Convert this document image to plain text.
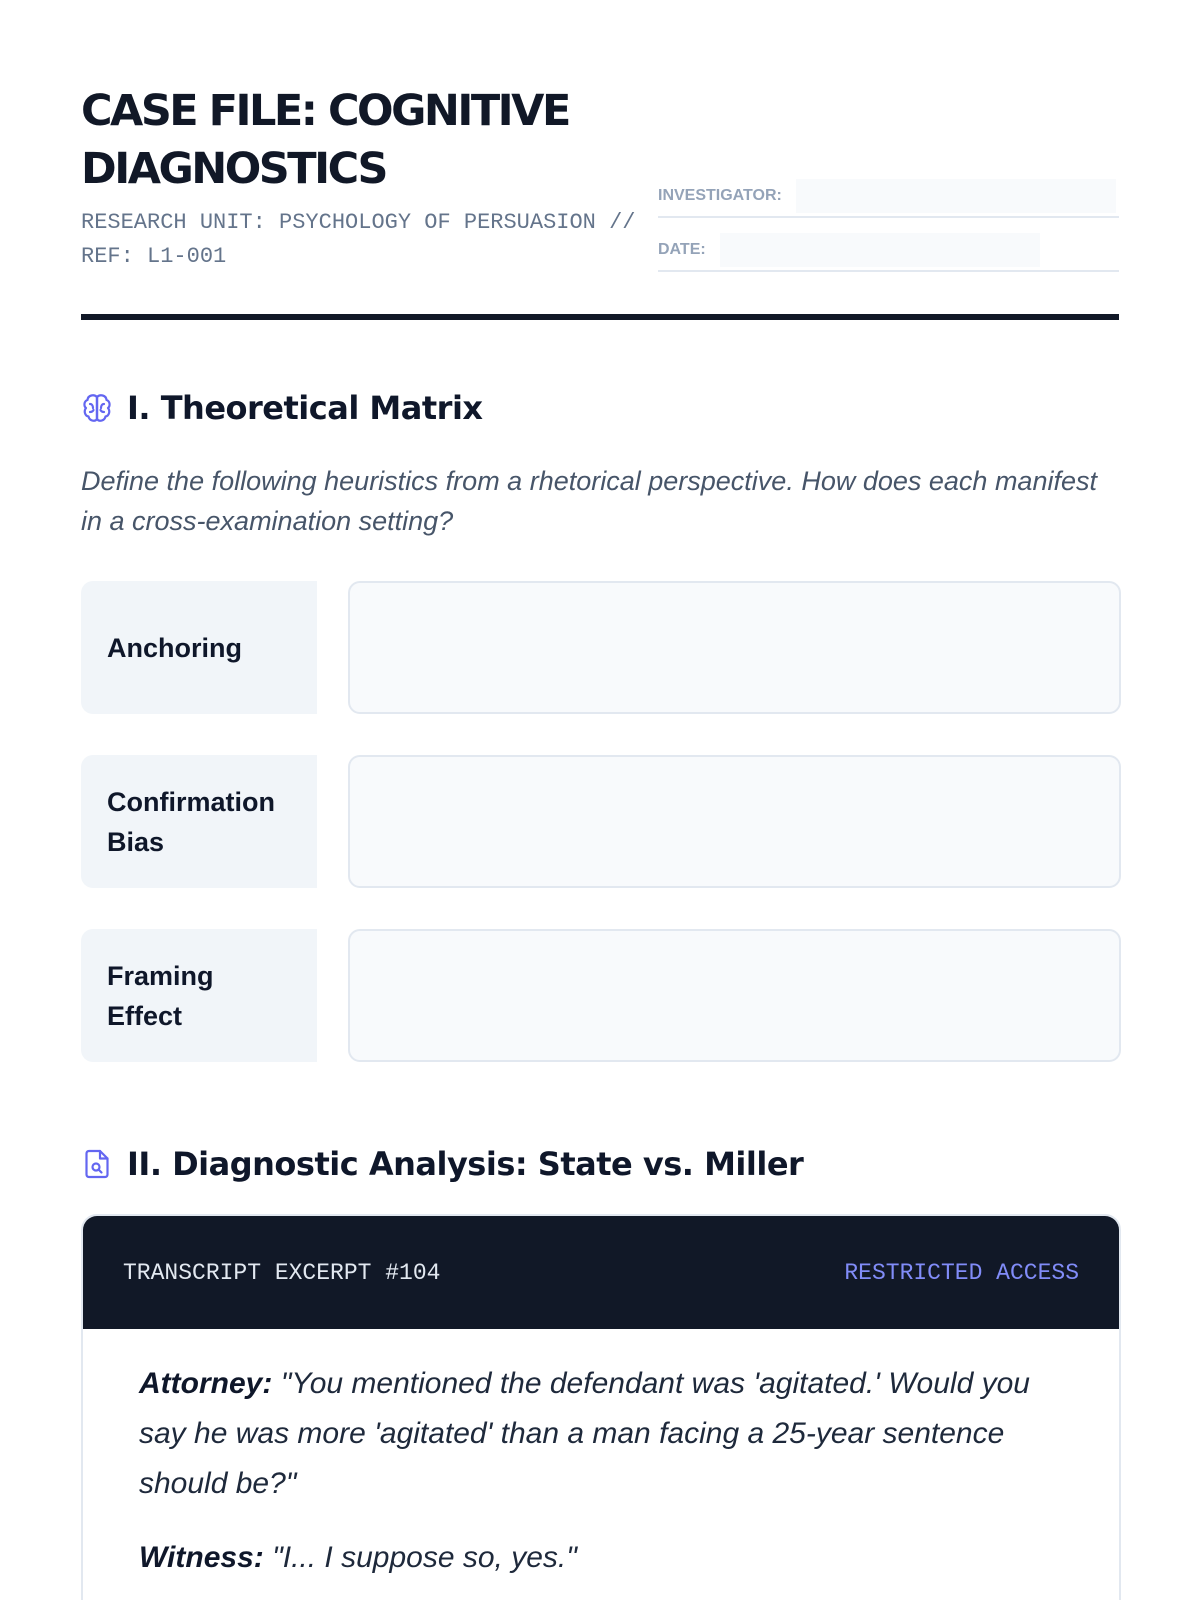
CASE FILE: COGNITIVE DIAGNOSTICS
RESEARCH UNIT: PSYCHOLOGY OF PERSUASION // REF: L1-001
INVESTIGATOR:
DATE:
I. Theoretical Matrix

Define the following heuristics from a rhetorical perspective. How does each manifest in a cross-examination setting?

Anchoring
Confirmation Bias
Framing Effect
II. Diagnostic Analysis: State vs. Miller
TRANSCRIPT EXCERPT #104	RESTRICTED ACCESS

Attorney: "You mentioned the defendant was 'agitated.' Would you say he was more 'agitated' than a man facing a 25-year sentence should be?"

Witness: "I... I suppose so, yes."
